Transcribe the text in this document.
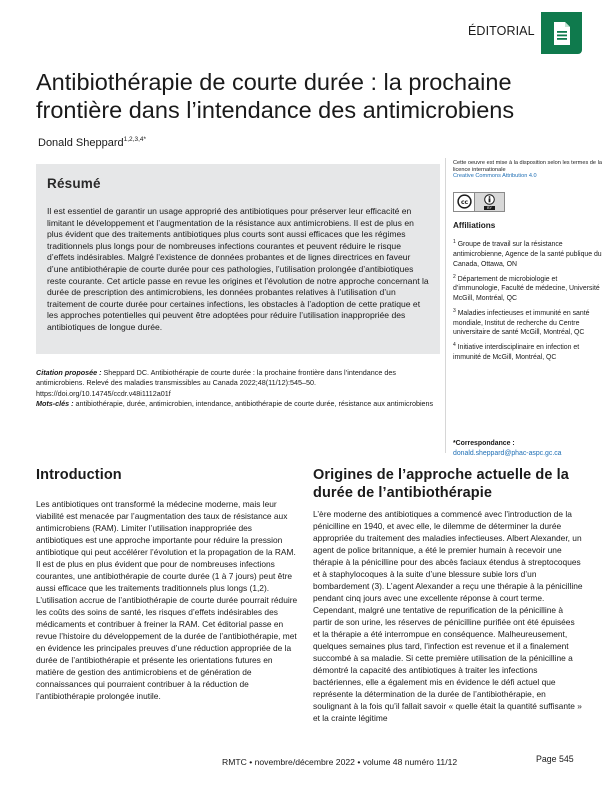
ÉDITORIAL
Antibiothérapie de courte durée : la prochaine frontière dans l’intendance des antimicrobiens
Donald Sheppard$^{1,2,3,4*}$
Résumé

Il est essentiel de garantir un usage approprié des antibiotiques pour préserver leur efficacité en limitant le développement et l’augmentation de la résistance aux antimicrobiens. Il est de plus en plus évident que des traitements antibiotiques plus courts sont aussi efficaces que les régimes traditionnels plus longs pour de nombreuses infections courantes et peuvent réduire le risque d’effets indésirables. Malgré l’existence de données probantes et de lignes directrices en faveur d’une antibiothérapie de courte durée pour ces pathologies, l’utilisation prolongée d’antibiotiques reste courante. Cet article passe en revue les origines et l’évolution de notre approche concernant la durée de prescription des antimicrobiens, les données probantes relatives à l’utilisation d’un traitement de courte durée pour certaines infections, les obstacles à l’adoption de cette pratique et les approches potentielles qui peuvent être adoptées pour réduire l’utilisation inappropriée des antibiotiques de longue durée.

Citation proposée : Sheppard DC. Antibiothérapie de courte durée : la prochaine frontière dans l’intendance des antimicrobiens. Relevé des maladies transmissibles au Canada 2022;48(11/12):545–50.
https://doi.org/10.14745/ccdr.v48i1112a01f
Mots-clés : antibiothérapie, durée, antimicrobien, intendance, antibiothérapie de courte durée, résistance aux antimicrobiens
Cette oeuvre est mise à la disposition selon les termes de la licence internationale
Creative Commons Attribution 4.0
cc
BY
Affiliations
$^1$ Groupe de travail sur la résistance antimicrobienne, Agence de la santé publique du Canada, Ottawa, ON
$^2$ Département de microbiologie et d’immunologie, Faculté de médecine, Université McGill, Montréal, QC
$^3$ Maladies infectieuses et immunité en santé mondiale, Institut de recherche du Centre universitaire de santé McGill, Montréal, QC
$^4$ Initiative interdisciplinaire en infection et immunité de McGill, Montréal, QC
*Correspondance :
donald.sheppard@phac-aspc.gc.ca
Introduction

Les antibiotiques ont transformé la médecine moderne, mais leur viabilité est menacée par l’augmentation des taux de résistance aux antimicrobiens (RAM). Limiter l’utilisation inappropriée des antibiotiques est une approche importante pour réduire la pression antibiotique qui peut accélérer l’évolution et la propagation de la RAM. Il est de plus en plus évident que pour de nombreuses infections courantes, une antibiothérapie de courte durée (1 à 7 jours) peut être aussi efficace que les traitements traditionnels plus longs (1,2). L’utilisation accrue de l’antibiothérapie de courte durée pourrait réduire les coûts des soins de santé, les risques d’effets indésirables des médicaments et contribuer à freiner la RAM. Cet éditorial passe en revue l’histoire du développement de la durée de l’antibiothérapie, met en évidence les principales preuves d’une réduction appropriée de la durée de l’antibiothérapie et présente les orientations futures en matière de gestion des antimicrobiens et de génération de connaissances qui pourraient contribuer à la réduction de l’antibiothérapie prolongée inutile.

Origines de l’approche actuelle de la durée de l’antibiothérapie

L’ère moderne des antibiotiques a commencé avec l’introduction de la pénicilline en 1940, et avec elle, le dilemme de déterminer la durée appropriée du traitement des maladies infectieuses. Albert Alexander, un agent de police britannique, a été le premier humain à recevoir une thérapie à la pénicilline pour des abcès faciaux étendus à streptocoques et à staphylocoques à la suite d’une blessure subie lors d’un bombardement (3). L’agent Alexander a reçu une thérapie à la pénicilline pendant cinq jours avec une excellente réponse à court terme. Cependant, malgré une tentative de repurification de la pénicilline à partir de son urine, les réserves de pénicilline purifiée ont été épuisées et la thérapie a été interrompue en conséquence. Malheureusement, quelques semaines plus tard, l’infection est revenue et il a finalement succombé à sa maladie. Si cette première utilisation de la pénicilline a démontré la capacité des antibiotiques à traiter les infections bactériennes, elle a également mis en évidence le défi actuel que représente la détermination de la durée de l’antibiothérapie, en soulignant à la fois qu’il fallait savoir « quelle était la quantité suffisante » et la crainte légitime

RMTC • novembre/décembre 2022 • volume 48 numéro 11/12	Page 545
